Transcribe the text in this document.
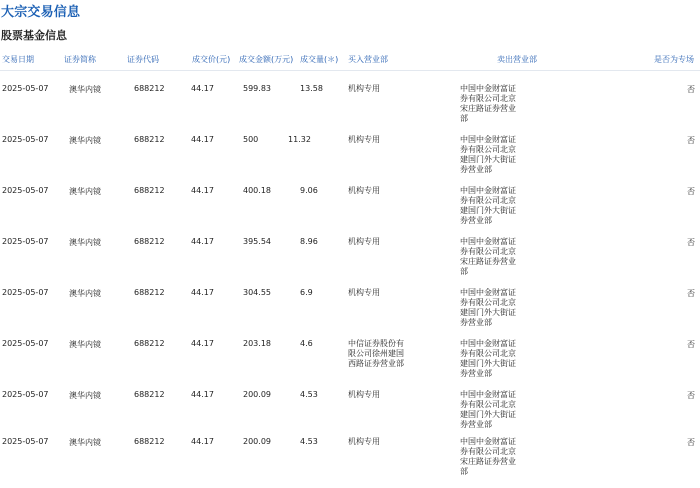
大宗交易信息
股票基金信息
交易日期	证券简称	证券代码	成交价(元) 成交金额(万元) 成交量(＊) 买入营业部	卖出营业部	是否为专场
2025-05-07	澳华内镜	688212	44.17	599.83	13.58	机构专用	中国中金财富证券有限公司北京宋庄路证券营业部
否
2025-05-07	澳华内镜	688212	44.17	500	11.32	机构专用	中国中金财富证券有限公司北京建国门外大街证券营业部
否
2025-05-07	澳华内镜	688212	44.17	400.18	9.06	机构专用	中国中金财富证券有限公司北京建国门外大街证券营业部
否
2025-05-07	澳华内镜	688212	44.17	395.54	8.96	机构专用	中国中金财富证券有限公司北京宋庄路证券营业部
否
2025-05-07	澳华内镜	688212	44.17	304.55	6.9	机构专用	中国中金财富证券有限公司北京建国门外大街证券营业部
否
2025-05-07	澳华内镜	688212	44.17	203.18	4.6	中信证券股份有限公司徐州建国西路证券营业部
中国中金财富证券有限公司北京建国门外大街证券营业部
否
2025-05-07	澳华内镜	688212	44.17	200.09	4.53	机构专用	中国中金财富证券有限公司北京建国门外大街证券营业部
否
2025-05-07	澳华内镜	688212	44.17	200.09	4.53	机构专用	中国中金财富证券有限公司北京宋庄路证券营业部
否
